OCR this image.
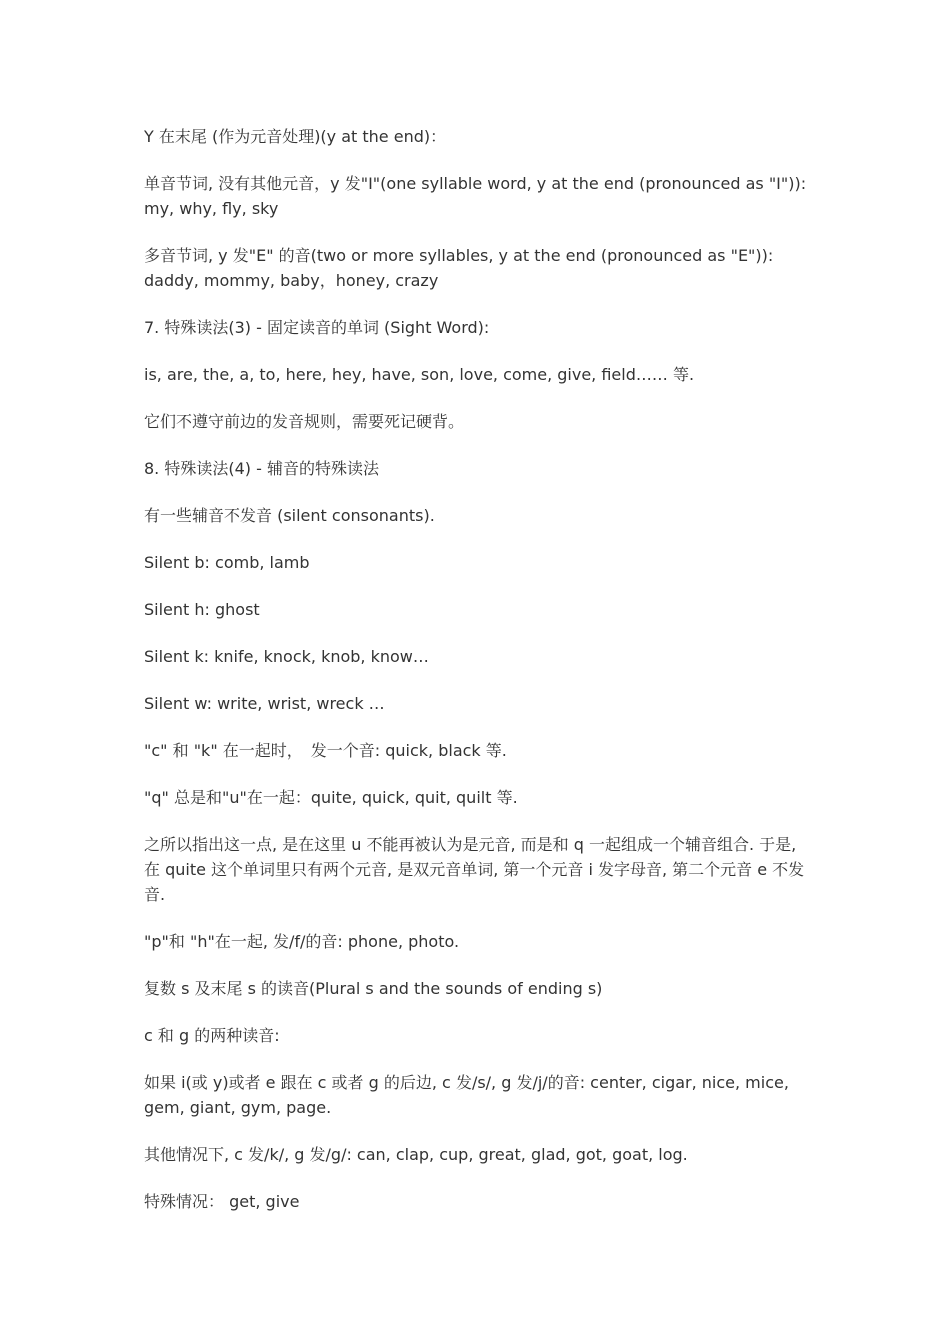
Y 在末尾 (作为元音处理)(y at the end)：

单音节词, 没有其他元音，y 发"I"(one syllable word, y at the end (pronounced as "I")): my, why, fly, sky

多音节词, y 发"E" 的音(two or more syllables, y at the end (pronounced as "E")): daddy, mommy, baby，honey, crazy

7. 特殊读法(3) - 固定读音的单词 (Sight Word):

is, are, the, a, to, here, hey, have, son, love, come, give, field…… 等.

它们不遵守前边的发音规则，需要死记硬背。

8. 特殊读法(4) - 辅音的特殊读法

有一些辅音不发音 (silent consonants).

Silent b: comb, lamb

Silent h: ghost

Silent k: knife, knock, knob, know…

Silent w: write, wrist, wreck …

"c" 和 "k" 在一起时，　发一个音: quick, black 等.

"q" 总是和"u"在一起：quite, quick, quit, quilt 等.

之所以指出这一点, 是在这里 u 不能再被认为是元音, 而是和 q 一起组成一个辅音组合. 于是, 在 quite 这个单词里只有两个元音, 是双元音单词, 第一个元音 i 发字母音, 第二个元音 e 不发音.

"p"和 "h"在一起, 发/f/的音: phone, photo.

复数 s 及末尾 s 的读音(Plural s and the sounds of ending s)

c 和 g 的两种读音:

如果 i(或 y)或者 e 跟在 c 或者 g 的后边, c 发/s/, g 发/j/的音: center, cigar, nice, mice, gem, giant, gym, page.

其他情况下, c 发/k/, g 发/g/: can, clap, cup, great, glad, got, goat, log.

特殊情况： get, give
